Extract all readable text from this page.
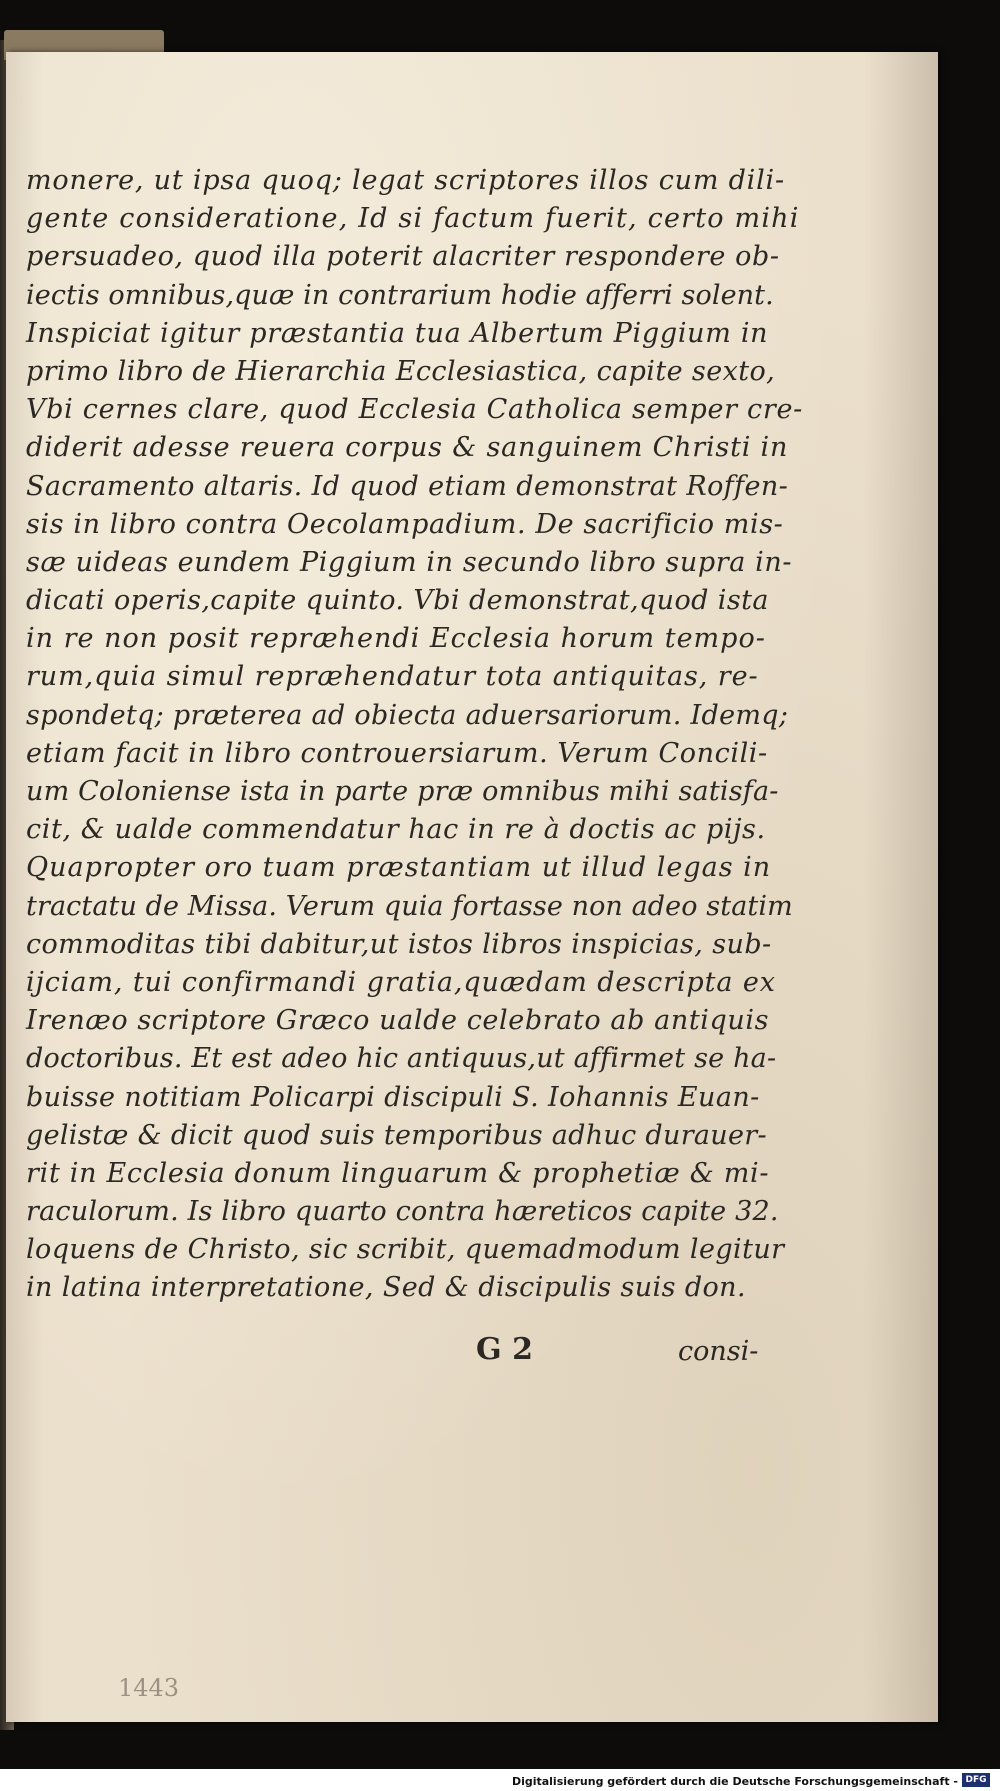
monere, ut ipsa quoq; legat scriptores illos cum dili‐
gente consideratione, Id si factum fuerit, certo mihi
persuadeo, quod illa poterit alacriter respondere ob‐
iectis omnibus,quæ in contrarium hodie afferri solent.
Inspiciat igitur præstantia tua Albertum Piggium in
primo libro de Hierarchia Ecclesiastica, capite sexto,
Vbi cernes clare, quod Ecclesia Catholica semper cre‐
diderit adesse reuera corpus & sanguinem Christi in
Sacramento altaris. Id quod etiam demonstrat Roffen‐
sis in libro contra Oecolampadium. De sacrificio mis‐
sæ uideas eundem Piggium in secundo libro supra in‐
dicati operis,capite quinto. Vbi demonstrat,quod ista
in re non posit repræhendi Ecclesia horum tempo‐
rum,quia simul repræhendatur tota antiquitas, re‐
spondetq; præterea ad obiecta aduersariorum. Idemq;
etiam facit in libro controuersiarum. Verum Concili‐
um Coloniense ista in parte præ omnibus mihi satisfa‐
cit, & ualde commendatur hac in re à doctis ac pijs.
Quapropter oro tuam præstantiam ut illud legas in
tractatu de Missa. Verum quia fortasse non adeo statim
commoditas tibi dabitur,ut istos libros inspicias, sub‐
ijciam, tui confirmandi gratia,quædam descripta ex
Irenæo scriptore Græco ualde celebrato ab antiquis
doctoribus. Et est adeo hic antiquus,ut affirmet se ha‐
buisse notitiam Policarpi discipuli S. Iohannis Euan‐
gelistæ & dicit quod suis temporibus adhuc durauer‐
rit in Ecclesia donum linguarum & prophetiæ & mi‐
raculorum. Is libro quarto contra hæreticos capite 32.
loquens de Christo, sic scribit, quemadmodum legitur
in latina interpretatione, Sed & discipulis suis don.
G 2	consi‐
1443
Digitalisierung gefördert durch die Deutsche Forschungsgemeinschaft - DFG
